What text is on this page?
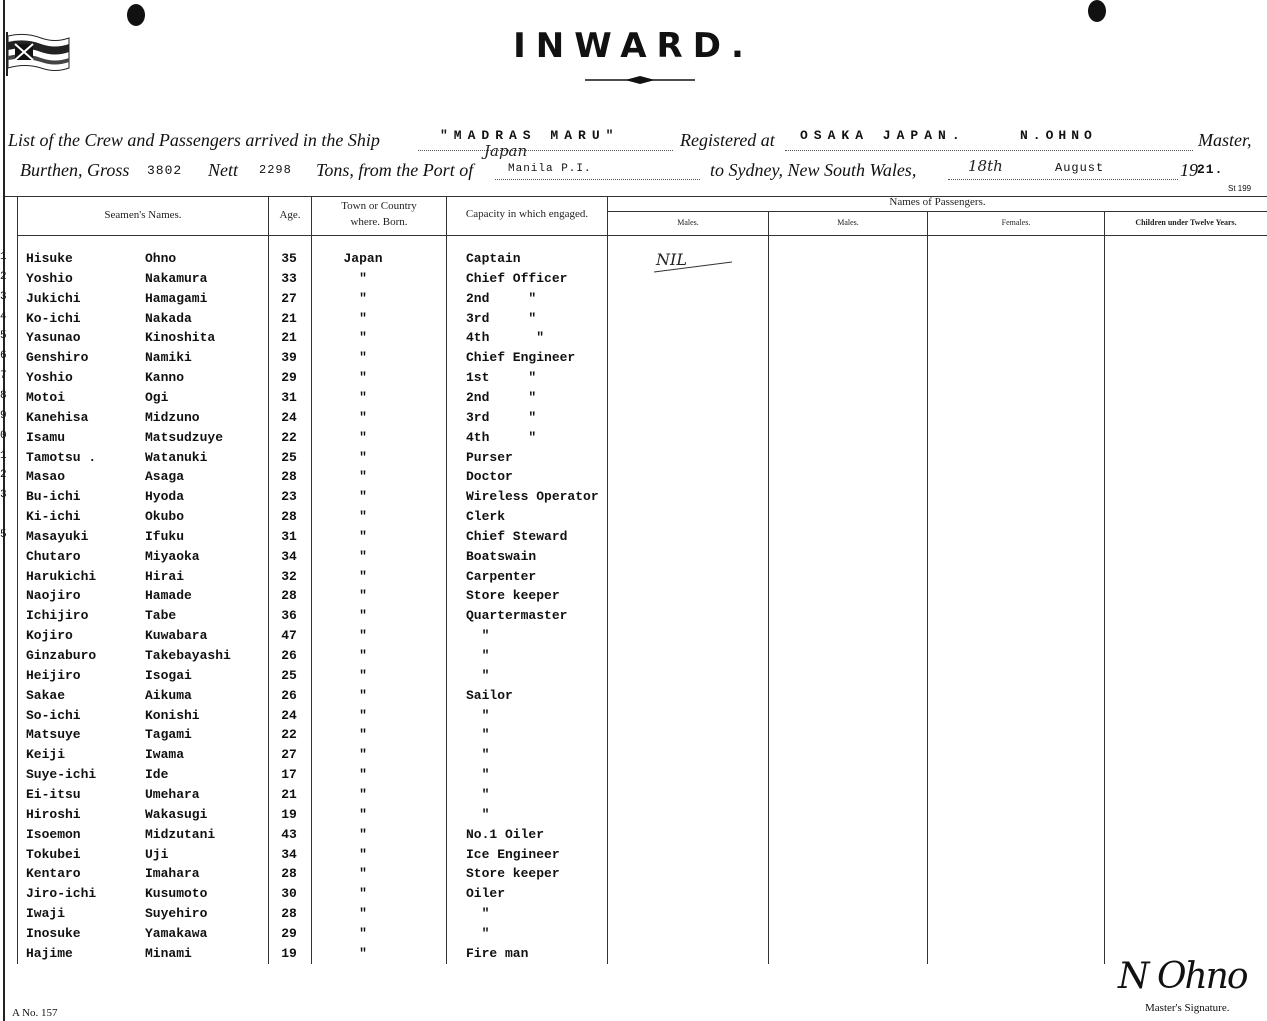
INWARD.
List of the Crew and Passengers arrived in the Ship	"MADRAS MARU"	Registered at OSAKA JAPAN.	N.OHNO	Master,
Burthen, Gross 3802 Nett 2298 Tons, from the Port of
Japan
Manila P.I.	to Sydney, New South Wales,	18th	August	19 21.
St 199
Seamen's Names.	Age.
Town or Country
where. Born.
Capacity in which engaged.
Names of Passengers.
Males.	Males.	Females.	Children under Twelve Years.
NIL
1	Hisuke	Ohno	35	Japan	Captain
2	Yoshio	Nakamura	33	"	Chief Officer
3	Jukichi	Hamagami	27	"	2nd     "
4	Ko-ichi	Nakada	21	"	3rd     "
5	Yasunao	Kinoshita	21	"	4th      "
6	Genshiro	Namiki	39	"	Chief Engineer
7	Yoshio	Kanno	29	"	1st     "
8	Motoi	Ogi	31	"	2nd     "
9	Kanehisa	Midzuno	24	"	3rd     "
0	Isamu	Matsudzuye	22	"	4th     "
1	Tamotsu .	Watanuki	25	"	Purser
2	Masao	Asaga	28	"	Doctor
3	Bu-ichi	Hyoda	23	"	Wireless Operator
Ki-ichi	Okubo	28	"	Clerk
5	Masayuki	Ifuku	31	"	Chief Steward
Chutaro	Miyaoka	34	"	Boatswain
Harukichi	Hirai	32	"	Carpenter
Naojiro	Hamade	28	"	Store keeper
Ichijiro	Tabe	36	"	Quartermaster
Kojiro	Kuwabara	47	"	"
Ginzaburo	Takebayashi	26	"	"
Heijiro	Isogai	25	"	"
Sakae	Aikuma	26	"	Sailor
So-ichi	Konishi	24	"	"
Matsuye	Tagami	22	"	"
Keiji	Iwama	27	"	"
Suye-ichi	Ide	17	"	"
Ei-itsu	Umehara	21	"	"
Hiroshi	Wakasugi	19	"	"
Isoemon	Midzutani	43	"	No.1 Oiler
Tokubei	Uji	34	"	Ice Engineer
Kentaro	Imahara	28	"	Store keeper
Jiro-ichi	Kusumoto	30	"	Oiler
Iwaji	Suyehiro	28	"	"
Inosuke	Yamakawa	29	"	"
Hajime	Minami	19	"	Fire man
A No. 157
N Ohno
Master's Signature.
